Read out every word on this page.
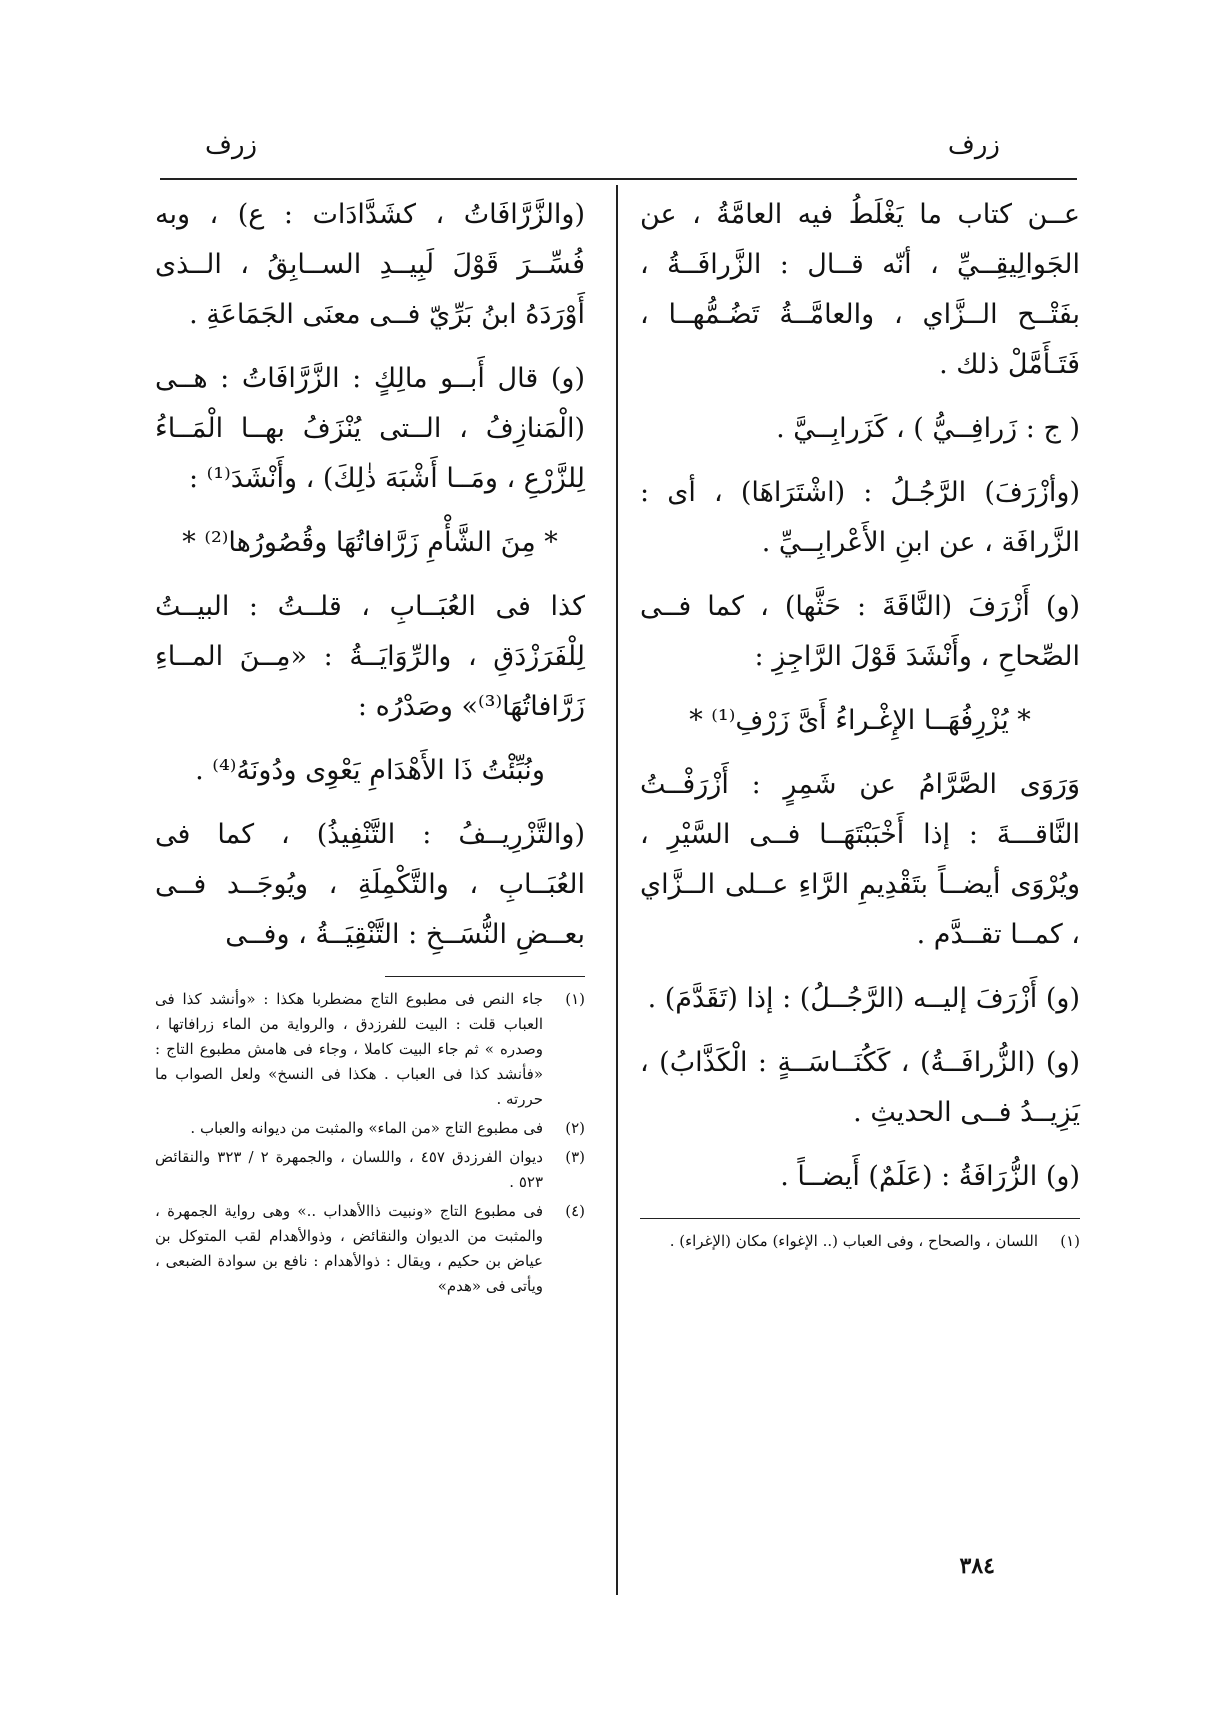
زرف
زرف

عــن كتاب ما يَغْلَطُ فيه العامَّةُ ، عن الجَوالِيقِــيِّ ، أنّه قــال : الزَّرافَــةُ ، بفَتْــح الــزَّاي ، والعامَّــةُ تَضُـمُّهــا ، فَتَـأَمَّلْ ذلك .

( ج : زَرافِــيُّ ) ، كَزَرابِــيَّ .

(وأزْرَفَ) الرَّجُـلُ : (اشْتَرَاهَا) ، أى : الزَّرافَة ، عن ابنِ الأَعْرابِــيِّ .

(و) أَزْرَفَ (النَّاقَةَ : حَثَّها) ، كما فــى الصِّحاحِ ، وأَنْشَدَ قَوْلَ الرَّاجِزِ :

* يُزْرِفُهَــا الإِغْـراءُ أَىَّ زَرْفِ⁽¹⁾ *

وَرَوَى الصَّرَّامُ عن شَمِرٍ : أَزْرَفْــتُ النَّاقـــةَ : إذا أَخْبَبْتَهَــا فــى السَّيْرِ ، ويُرْوَى أيضــاً بتَقْدِيمِ الرَّاءِ عــلى الــزَّاي ، كمــا تقــدَّم .

(و) أَزْرَفَ إليــه (الرَّجُــلُ) : إذا (تَقَدَّمَ) .

(و) (الزُّرافَــةُ) ، كَكُنَــاسَــةٍ : الْكَذَّابُ) ، يَزِيــدُ فــى الحديثِ .

(و) الزُّرَافَةُ : (عَلَمٌ) أَيضــاً .

(١)
اللسان ، والصحاح ، وفى العباب (.. الإغواء) مكان (الإغراء) .

(والزَّرَّافَاتُ ، كشَدَّادَات : ع) ، وبه فُسِّــرَ قَوْلَ لَبِيــدِ الســابِقُ ، الــذى أَوْرَدَهُ ابنُ بَرِّيّ فــى معنَى الجَمَاعَةِ .

(و) قال أَبــو مالِكٍ : الزَّرَّافَاتُ : هــى (الْمَنازِفُ ، الــتى يُنْزَفُ بهــا الْمَــاءُ لِلزَّرْعِ ، ومَــا أَشْبَهَ ذٰلِكَ) ، وأَنْشَدَ⁽¹⁾ :

* مِنَ الشَّأْمِ زَرَّافاتُهَا وقُصُورُها⁽²⁾ *

كذا فى العُبَــابِ ، قلــتُ : البيــتُ لِلْفَرَزْدَقِ ، والرِّوَايَــةُ : «مِــنَ المــاءِ زَرَّافاتُهَا⁽³⁾» وصَدْرُه :

ونُبِّئْتُ ذَا الأَهْدَامِ يَعْوِى ودُونَهُ⁽⁴⁾ .

(والتَّزْرِيــفُ : التَّنْفِيذُ) ، كما فى العُبَــابِ ، والتَّكْمِلَةِ ، ويُوجَــد فــى بعــضِ النُّسَــخِ : التَّنْقِيَــةُ ، وفــى

(١)
جاء النص فى مطبوع التاج مضطربا هكذا : «وأنشد كذا فى العباب قلت : البيت للفرزدق ، والرواية من الماء زرافاتها ، وصدره » ثم جاء البيت كاملا ، وجاء فى هامش مطبوع التاج : «فأنشد كذا فى العباب . هكذا فى النسخ» ولعل الصواب ما حررته .
(٢)
فى مطبوع التاج «من الماء» والمثبت من ديوانه والعباب .
(٣)
ديوان الفرزدق ٤٥٧ ، واللسان ، والجمهرة ٢ / ٣٢٣ والنقائض ٥٢٣ .
(٤)
فى مطبوع التاج «ونبيت ذاالأهداب ..» وهى رواية الجمهرة ، والمثبت من الديوان والنقائض ، وذوالأهدام لقب المتوكل بن عياض بن حكيم ، ويقال : ذوالأهدام : نافع بن سوادة الضبعى ، ويأتى فى «هدم»
٣٨٤
